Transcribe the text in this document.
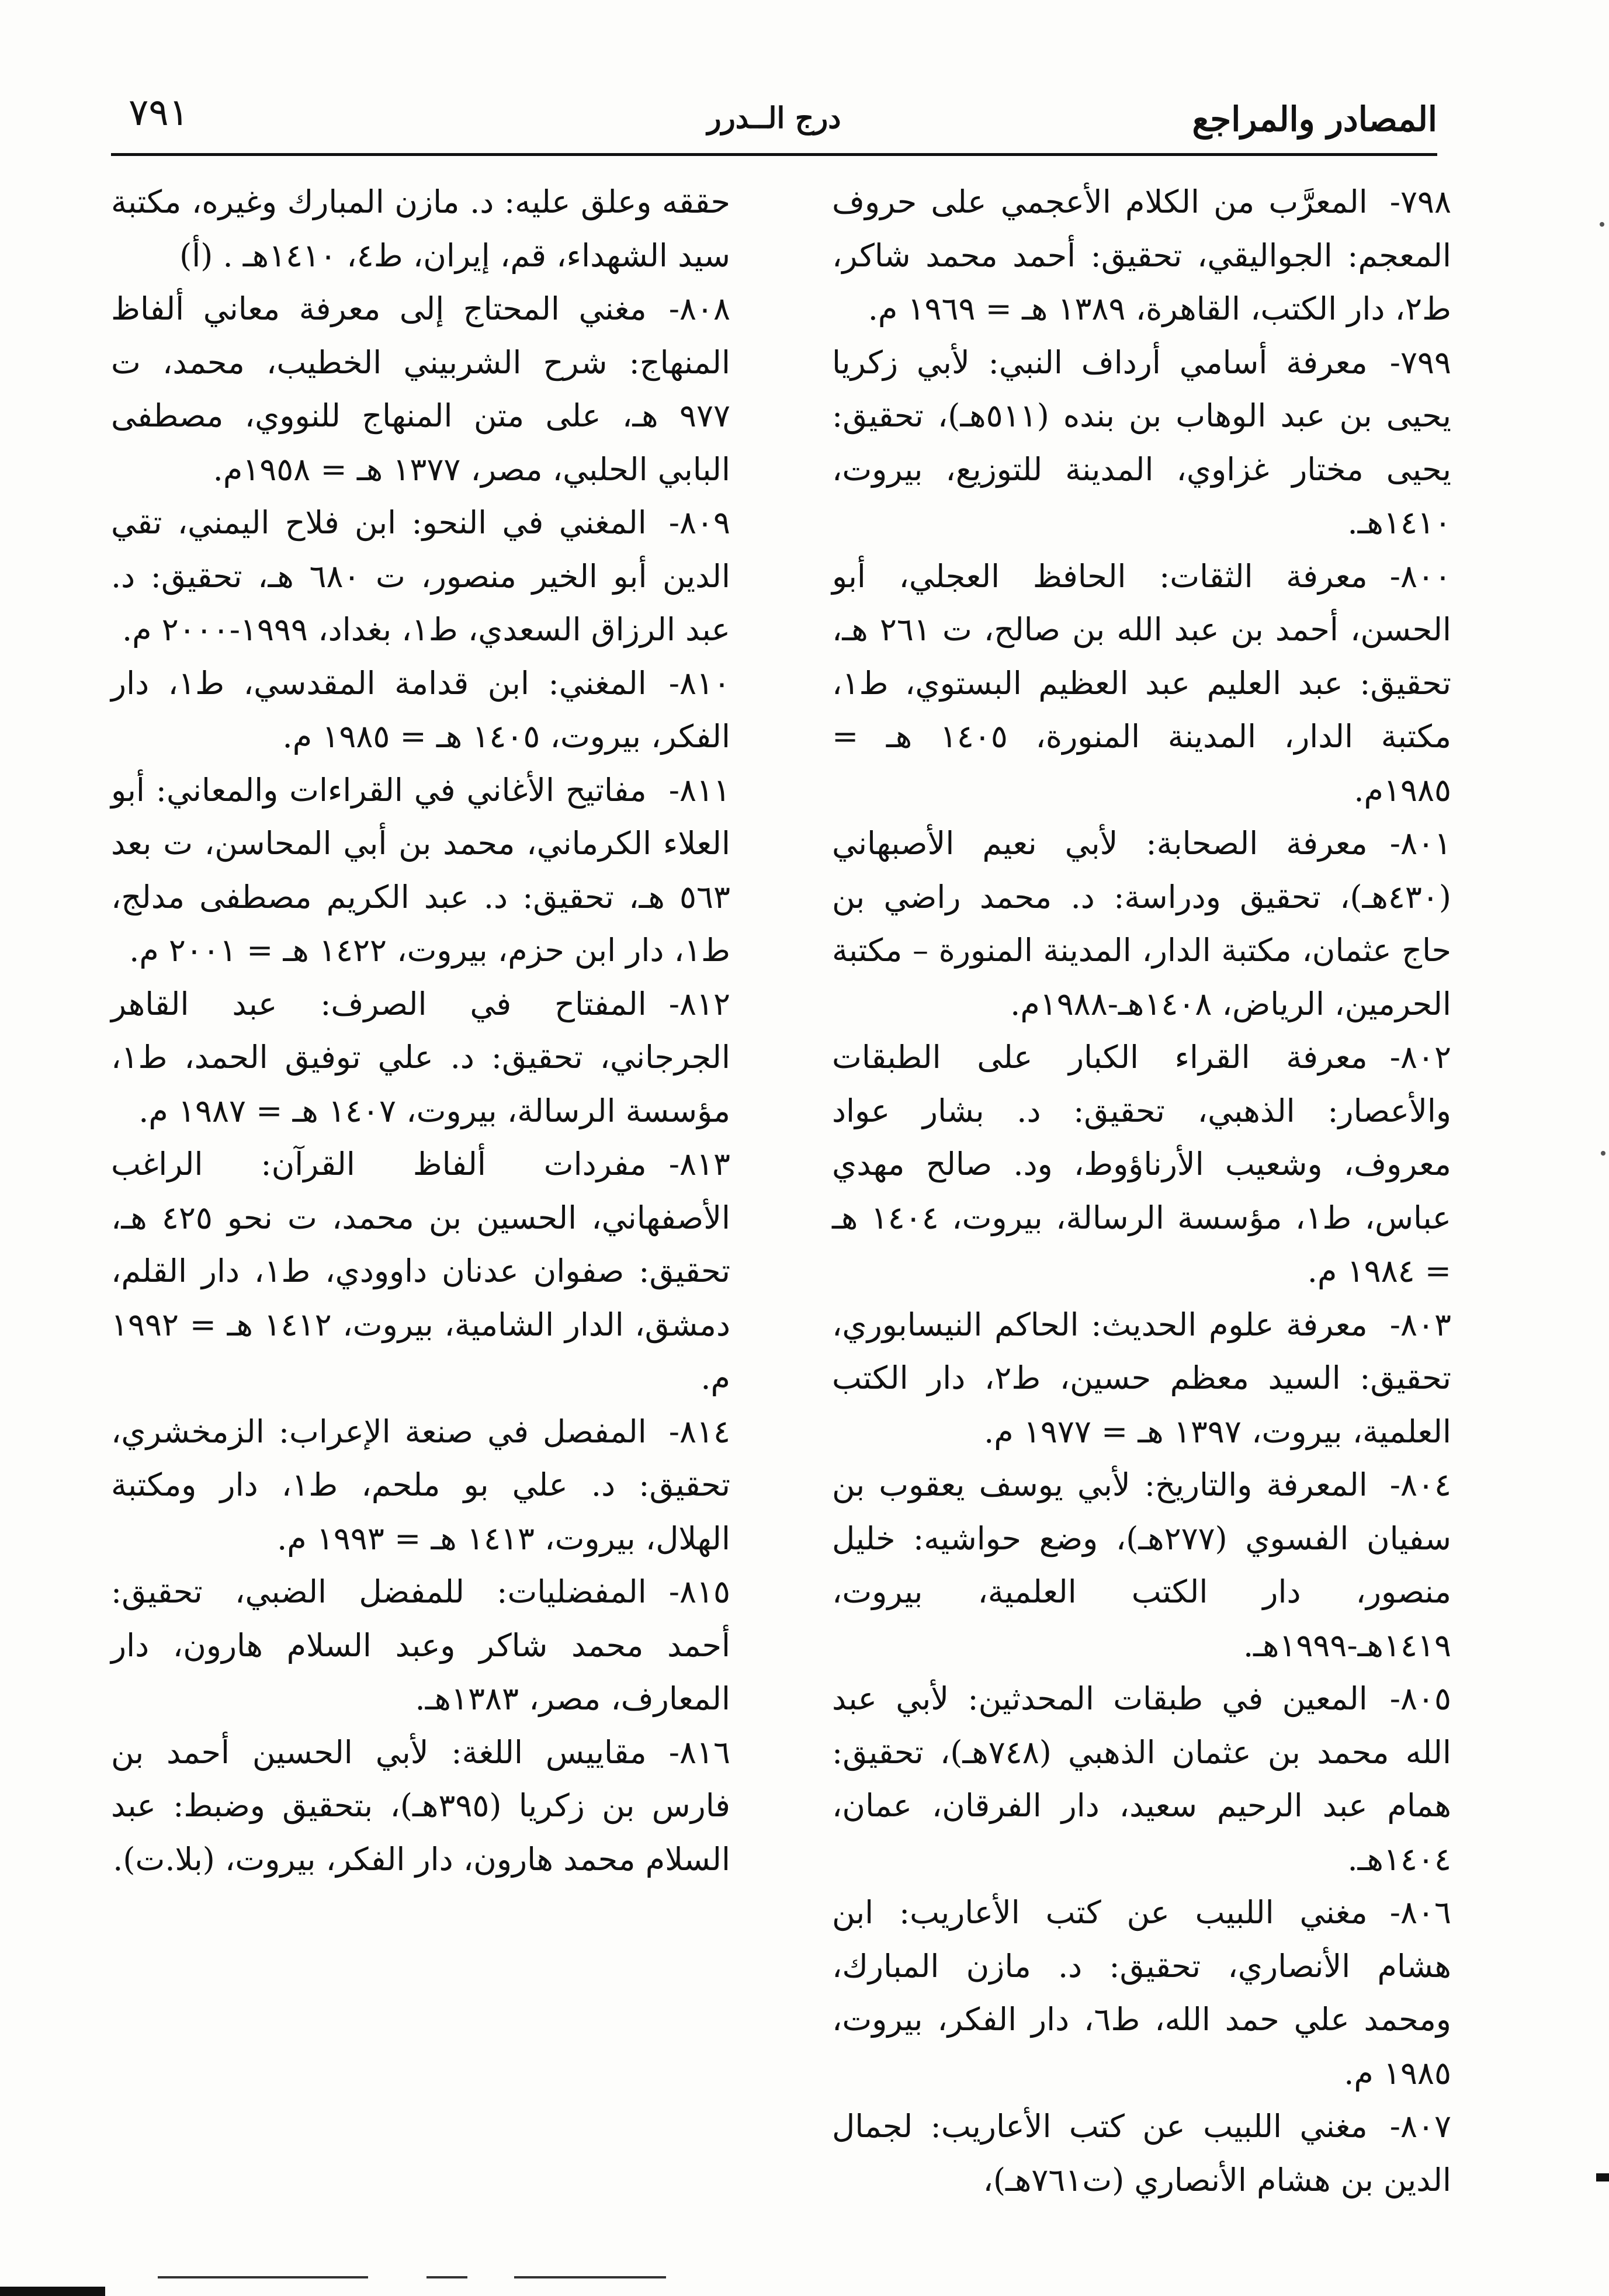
المصادر والمراجع
درج الــدرر
٧٩١

٧٩٨-المعرَّب من الكلام الأعجمي على حروف المعجم: الجواليقي، تحقيق: أحمد محمد شاكر، ط٢، دار الكتب، القاهرة، ١٣٨٩ هـ = ١٩٦٩ م.

٧٩٩-معرفة أسامي أرداف النبي: لأبي زكريا يحيى بن عبد الوهاب بن بنده (٥١١هـ)، تحقيق: يحيى مختار غزاوي، المدينة للتوزيع، بيروت، ١٤١٠هـ.

٨٠٠-معرفة الثقات: الحافظ العجلي، أبو الحسن، أحمد بن عبد الله بن صالح، ت ٢٦١ هـ، تحقيق: عبد العليم عبد العظيم البستوي، ط١، مكتبة الدار، المدينة المنورة، ١٤٠٥ هـ = ١٩٨٥م.

٨٠١-معرفة الصحابة: لأبي نعيم الأصبهاني (٤٣٠هـ)، تحقيق ودراسة: د. محمد راضي بن حاج عثمان، مكتبة الدار، المدينة المنورة – مكتبة الحرمين، الرياض، ١٤٠٨هـ-١٩٨٨م.

٨٠٢-معرفة القراء الكبار على الطبقات والأعصار: الذهبي، تحقيق: د. بشار عواد معروف، وشعيب الأرناؤوط، ود. صالح مهدي عباس، ط١، مؤسسة الرسالة، بيروت، ١٤٠٤ هـ = ١٩٨٤ م.

٨٠٣-معرفة علوم الحديث: الحاكم النيسابوري، تحقيق: السيد معظم حسين، ط٢، دار الكتب العلمية، بيروت، ١٣٩٧ هـ = ١٩٧٧ م.

٨٠٤-المعرفة والتاريخ: لأبي يوسف يعقوب بن سفيان الفسوي (٢٧٧هـ)، وضع حواشيه: خليل منصور، دار الكتب العلمية، بيروت، ١٤١٩هـ-١٩٩٩هـ.

٨٠٥-المعين في طبقات المحدثين: لأبي عبد الله محمد بن عثمان الذهبي (٧٤٨هـ)، تحقيق: همام عبد الرحيم سعيد، دار الفرقان، عمان، ١٤٠٤هـ.

٨٠٦-مغني اللبيب عن كتب الأعاريب: ابن هشام الأنصاري، تحقيق: د. مازن المبارك، ومحمد علي حمد الله، ط٦، دار الفكر، بيروت، ١٩٨٥ م.

٨٠٧-مغني اللبيب عن كتب الأعاريب: لجمال الدين بن هشام الأنصاري (ت٧٦١هـ)،

حققه وعلق عليه: د. مازن المبارك وغيره، مكتبة سيد الشهداء، قم، إيران، ط٤، ١٤١٠هـ . (أ)

٨٠٨-مغني المحتاج إلى معرفة معاني ألفاظ المنهاج: شرح الشربيني الخطيب، محمد، ت ٩٧٧ هـ، على متن المنهاج للنووي، مصطفى البابي الحلبي، مصر، ١٣٧٧ هـ = ١٩٥٨م.

٨٠٩-المغني في النحو: ابن فلاح اليمني، تقي الدين أبو الخير منصور، ت ٦٨٠ هـ، تحقيق: د. عبد الرزاق السعدي، ط١، بغداد، ١٩٩٩-٢٠٠٠ م.

٨١٠-المغني: ابن قدامة المقدسي، ط١، دار الفكر، بيروت، ١٤٠٥ هـ = ١٩٨٥ م.

٨١١-مفاتيح الأغاني في القراءات والمعاني: أبو العلاء الكرماني، محمد بن أبي المحاسن، ت بعد ٥٦٣ هـ، تحقيق: د. عبد الكريم مصطفى مدلج، ط١، دار ابن حزم، بيروت، ١٤٢٢ هـ = ٢٠٠١ م.

٨١٢-المفتاح في الصرف: عبد القاهر الجرجاني، تحقيق: د. علي توفيق الحمد، ط١، مؤسسة الرسالة، بيروت، ١٤٠٧ هـ = ١٩٨٧ م.

٨١٣-مفردات ألفاظ القرآن: الراغب الأصفهاني، الحسين بن محمد، ت نحو ٤٢٥ هـ، تحقيق: صفوان عدنان داوودي، ط١، دار القلم، دمشق، الدار الشامية، بيروت، ١٤١٢ هـ = ١٩٩٢ م.

٨١٤-المفصل في صنعة الإعراب: الزمخشري، تحقيق: د. علي بو ملحم، ط١، دار ومكتبة الهلال، بيروت، ١٤١٣ هـ = ١٩٩٣ م.

٨١٥-المفضليات: للمفضل الضبي، تحقيق: أحمد محمد شاكر وعبد السلام هارون، دار المعارف، مصر، ١٣٨٣هـ.

٨١٦-مقاييس اللغة: لأبي الحسين أحمد بن فارس بن زكريا (٣٩٥هـ)، بتحقيق وضبط: عبد السلام محمد هارون، دار الفكر، بيروت، (بلا.ت).
